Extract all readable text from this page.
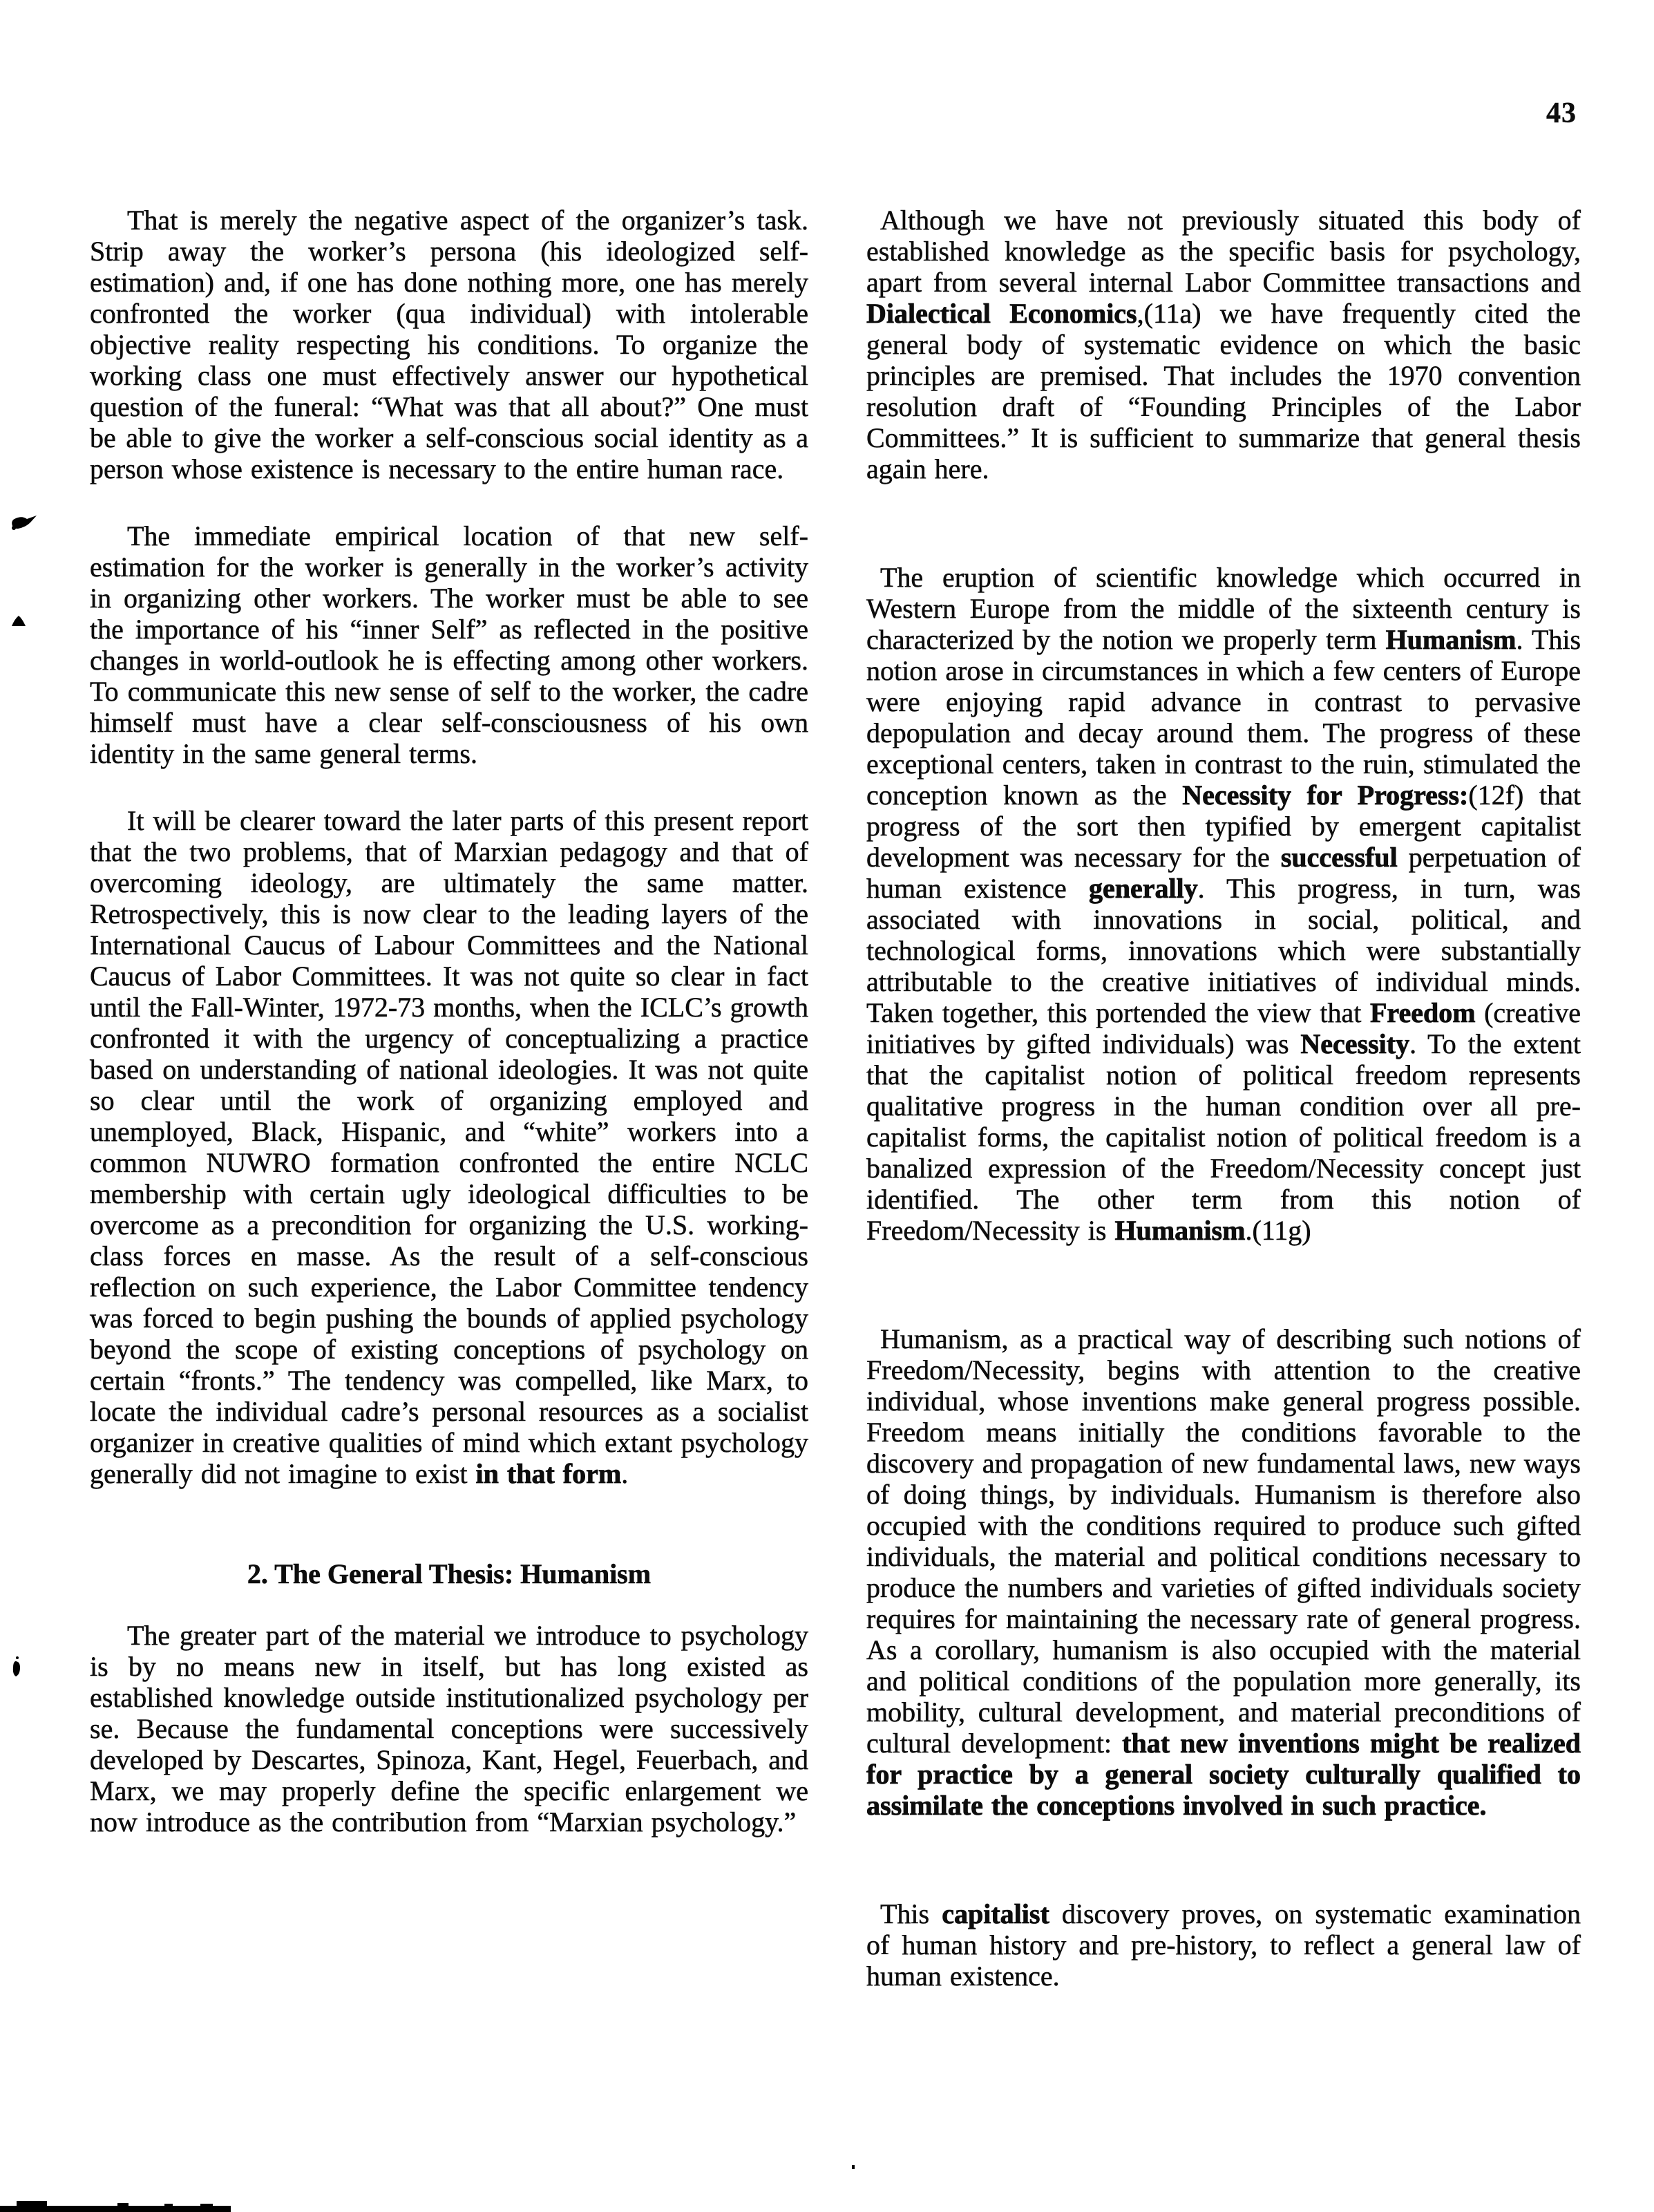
43

That is merely the negative aspect of the organizer’s task. Strip away the worker’s persona (his ideologized self-estimation) and, if one has done nothing more, one has merely confronted the worker (qua individual) with intolerable objective reality respecting his conditions. To organize the working class one must effectively answer our hypothetical question of the funeral: “What was that all about?” One must be able to give the worker a self-conscious social identity as a person whose existence is necessary to the entire human race.

The immediate empirical location of that new self-estimation for the worker is generally in the worker’s activity in organizing other workers. The worker must be able to see the importance of his “inner Self” as reflected in the positive changes in world-outlook he is effecting among other workers. To communicate this new sense of self to the worker, the cadre himself must have a clear self-consciousness of his own identity in the same general terms.

It will be clearer toward the later parts of this present report that the two problems, that of Marxian pedagogy and that of overcoming ideology, are ultimately the same matter. Retrospectively, this is now clear to the leading layers of the International Caucus of Labour Committees and the National Caucus of Labor Committees. It was not quite so clear in fact until the Fall-Winter, 1972-73 months, when the ICLC’s growth confronted it with the urgency of conceptualizing a practice based on understanding of national ideologies. It was not quite so clear until the work of organizing employed and unemployed, Black, Hispanic, and “white” workers into a common NUWRO formation confronted the entire NCLC membership with certain ugly ideological difficulties to be overcome as a precondition for organizing the U.S. working-class forces en masse. As the result of a self-conscious reflection on such experience, the Labor Committee tendency was forced to begin pushing the bounds of applied psychology beyond the scope of existing conceptions of psychology on certain “fronts.” The tendency was compelled, like Marx, to locate the individual cadre’s personal resources as a socialist organizer in creative qualities of mind which extant psychology generally did not imagine to exist in that form.

2. The General Thesis: Humanism

The greater part of the material we introduce to psychology is by no means new in itself, but has long existed as established knowledge outside institutionalized psychology per se. Because the fundamental conceptions were successively developed by Descartes, Spinoza, Kant, Hegel, Feuerbach, and Marx, we may properly define the specific enlargement we now introduce as the contribution from “Marxian psychology.”

Although we have not previously situated this body of established knowledge as the specific basis for psychology, apart from several internal Labor Committee transactions and Dialectical Economics,(11a) we have frequently cited the general body of systematic evidence on which the basic principles are premised. That includes the 1970 convention resolution draft of “Founding Principles of the Labor Committees.” It is sufficient to summarize that general thesis again here.

The eruption of scientific knowledge which occurred in Western Europe from the middle of the sixteenth century is characterized by the notion we properly term Humanism. This notion arose in circumstances in which a few centers of Europe were enjoying rapid advance in contrast to pervasive depopulation and decay around them. The progress of these exceptional centers, taken in contrast to the ruin, stimulated the conception known as the Necessity for Progress:(12f) that progress of the sort then typified by emergent capitalist development was necessary for the successful perpetuation of human existence generally. This progress, in turn, was associated with innovations in social, political, and technological forms, innovations which were substantially attributable to the creative initiatives of individual minds. Taken together, this portended the view that Freedom (creative initiatives by gifted individuals) was Necessity. To the extent that the capitalist notion of political freedom represents qualitative progress in the human condition over all pre-capitalist forms, the capitalist notion of political freedom is a banalized expression of the Freedom/Necessity concept just identified. The other term from this notion of Freedom/Necessity is Humanism.(11g)

Humanism, as a practical way of describing such notions of Freedom/Necessity, begins with attention to the creative individual, whose inventions make general progress possible. Freedom means initially the conditions favorable to the discovery and propagation of new fundamental laws, new ways of doing things, by individuals. Humanism is therefore also occupied with the conditions required to produce such gifted individuals, the material and political conditions necessary to produce the numbers and varieties of gifted individuals society requires for maintaining the necessary rate of general progress. As a corollary, humanism is also occupied with the material and political conditions of the population more generally, its mobility, cultural development, and material preconditions of cultural development: that new inventions might be realized for practice by a general society culturally qualified to assimilate the conceptions involved in such practice.

This capitalist discovery proves, on systematic examination of human history and pre-history, to reflect a general law of human existence.
